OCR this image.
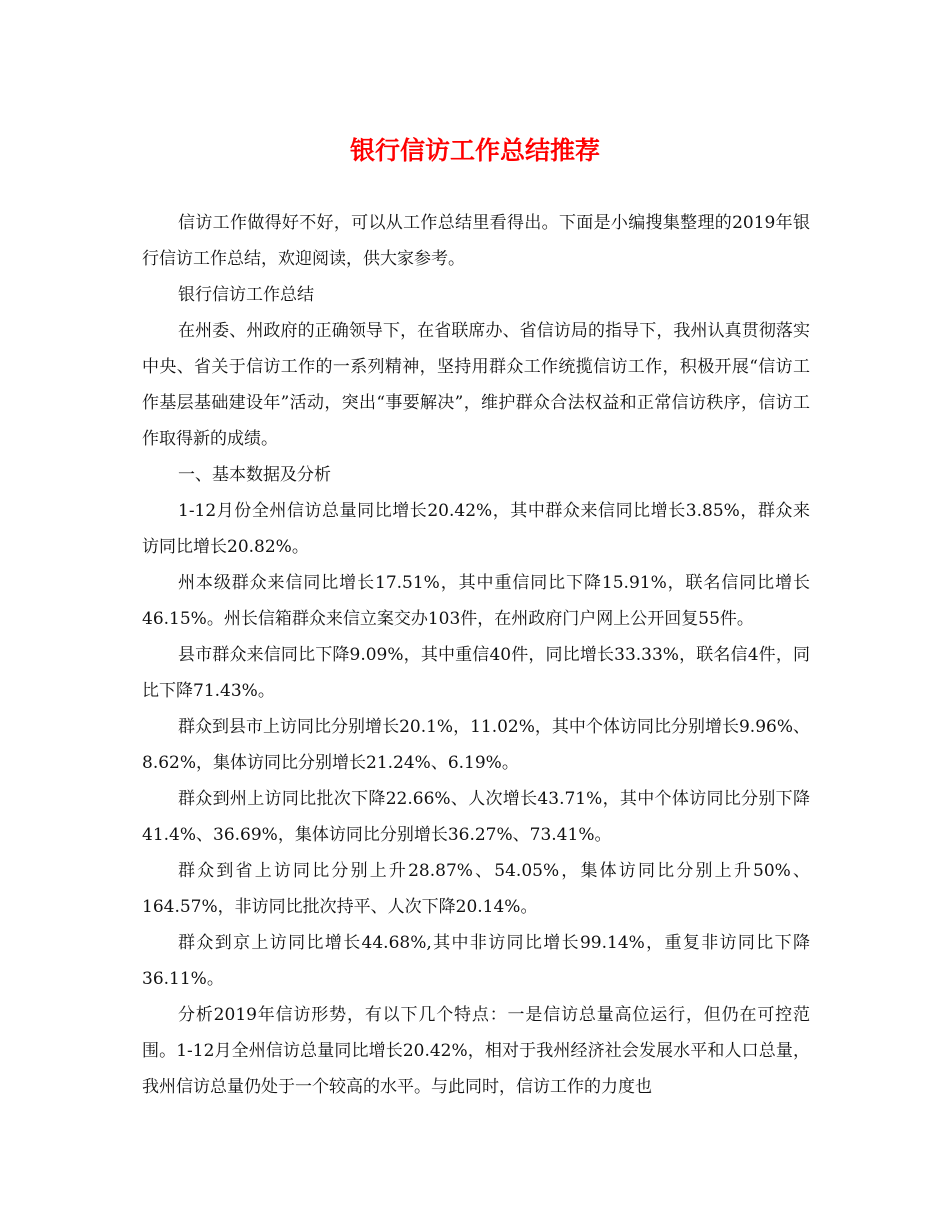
银行信访工作总结推荐

信访工作做得好不好，可以从工作总结里看得出。下面是小编搜集整理的2019年银行信访工作总结，欢迎阅读，供大家参考。

银行信访工作总结

在州委、州政府的正确领导下，在省联席办、省信访局的指导下，我州认真贯彻落实中央、省关于信访工作的一系列精神，坚持用群众工作统揽信访工作，积极开展“信访工作基层基础建设年”活动，突出“事要解决”，维护群众合法权益和正常信访秩序，信访工作取得新的成绩。

一、基本数据及分析

1-12月份全州信访总量同比增长20.42%，其中群众来信同比增长3.85%，群众来访同比增长20.82%。

州本级群众来信同比增长17.51%，其中重信同比下降15.91%，联名信同比增长46.15%。州长信箱群众来信立案交办103件，在州政府门户网上公开回复55件。

县市群众来信同比下降9.09%，其中重信40件，同比增长33.33%，联名信4件，同比下降71.43%。

群众到县市上访同比分别增长20.1%，11.02%，其中个体访同比分别增长9.96%、8.62%，集体访同比分别增长21.24%、6.19%。

群众到州上访同比批次下降22.66%、人次增长43.71%，其中个体访同比分别下降41.4%、36.69%，集体访同比分别增长36.27%、73.41%。

群众到省上访同比分别上升28.87%、54.05%，集体访同比分别上升50%、164.57%，非访同比批次持平、人次下降20.14%。

群众到京上访同比增长44.68%,其中非访同比增长99.14%，重复非访同比下降36.11%。

分析2019年信访形势，有以下几个特点：一是信访总量高位运行，但仍在可控范围。1-12月全州信访总量同比增长20.42%，相对于我州经济社会发展水平和人口总量，我州信访总量仍处于一个较高的水平。与此同时，信访工作的力度也
